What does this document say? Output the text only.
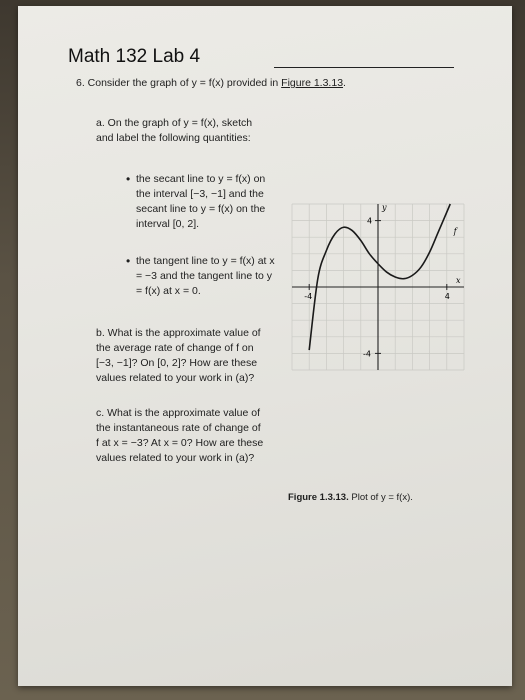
Math 132 Lab 4
6. Consider the graph of y = f(x) provided in Figure 1.3.13.
a. On the graph of y = f(x), sketch and label the following quantities:
• the secant line to y = f(x) on the interval [−3, −1] and the secant line to y = f(x) on the interval [0, 2].
• the tangent line to y = f(x) at x = −3 and the tangent line to y = f(x) at x = 0.
b. What is the approximate value of the average rate of change of f on [−3, −1]? On [0, 2]? How are these values related to your work in (a)?
c. What is the approximate value of the instantaneous rate of change of f at x = −3? At x = 0? How are these values related to your work in (a)?
y
x
f
4
-4
-4	4
Figure 1.3.13. Plot of y = f(x).
